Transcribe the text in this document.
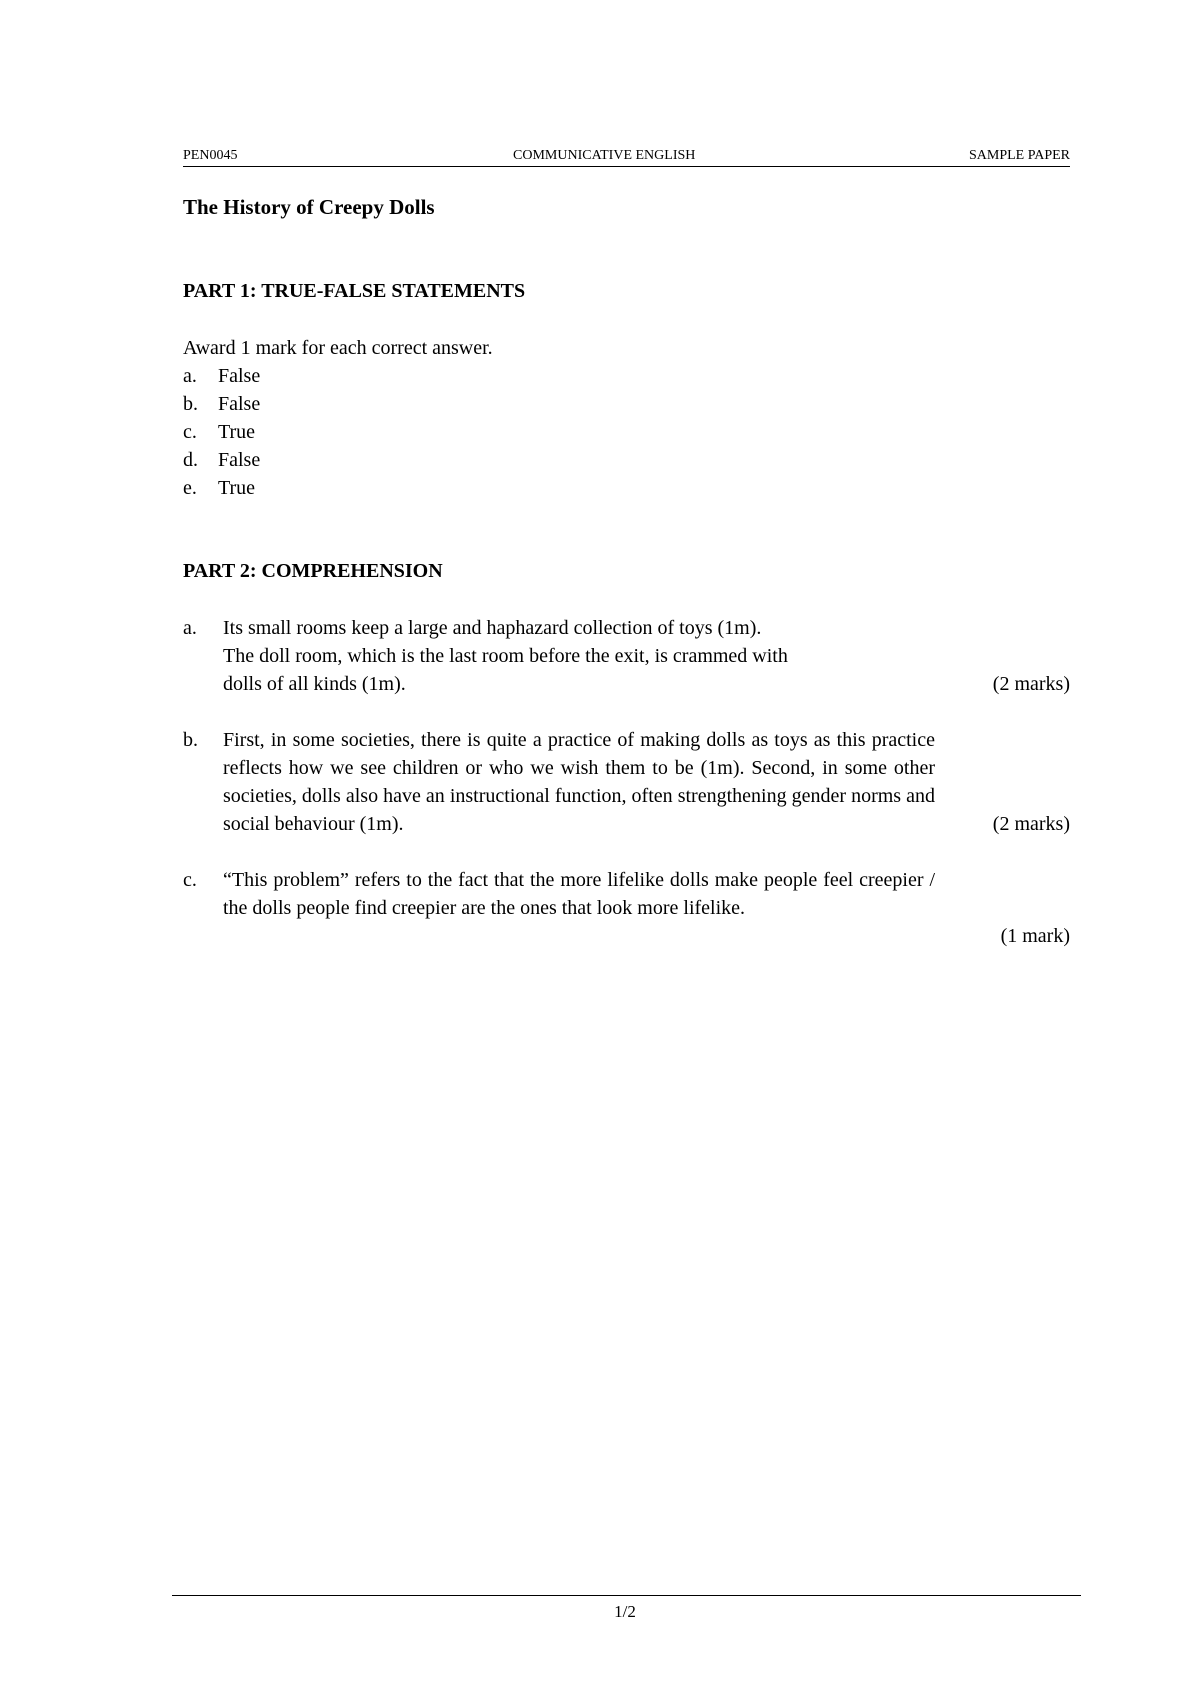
PEN0045	COMMUNICATIVE ENGLISH	SAMPLE PAPER
The History of Creepy Dolls
PART 1: TRUE-FALSE STATEMENTS
Award 1 mark for each correct answer.
a. False
b. False
c. True
d. False
e. True
PART 2: COMPREHENSION
a. Its small rooms keep a large and haphazard collection of toys (1m).
The doll room, which is the last room before the exit, is crammed with
dolls of all kinds (1m).	(2 marks)
b. First, in some societies, there is quite a practice of making dolls as toys as this practice reflects how we see children or who we wish them to be (1m). Second, in some other societies, dolls also have an instructional function, often strengthening gender norms and social behaviour (1m).	(2 marks)
c. “This problem” refers to the fact that the more lifelike dolls make people feel creepier / the dolls people find creepier are the ones that look more lifelike.
(1 mark)
1/2
